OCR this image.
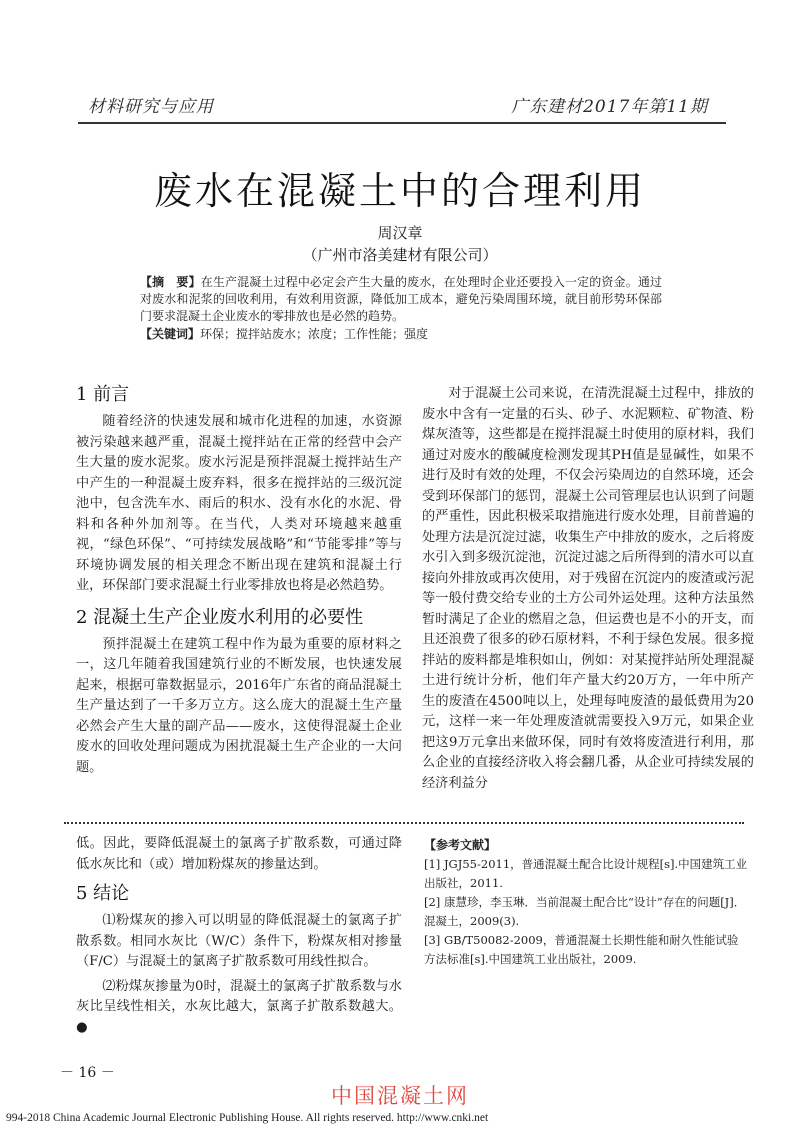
材料研究与应用	广东建材2017年第11期
废水在混凝土中的合理利用
周汉章
（广州市洛美建材有限公司）
【摘　要】在生产混凝土过程中必定会产生大量的废水，在处理时企业还要投入一定的资金。通过对废水和泥浆的回收利用，有效利用资源，降低加工成本，避免污染周围环境，就目前形势环保部门要求混凝土企业废水的零排放也是必然的趋势。
【关键词】环保；搅拌站废水；浓度；工作性能；强度
1 前言

随着经济的快速发展和城市化进程的加速，水资源被污染越来越严重，混凝土搅拌站在正常的经营中会产生大量的废水泥浆。废水污泥是预拌混凝土搅拌站生产中产生的一种混凝土废弃料，很多在搅拌站的三级沉淀池中，包含洗车水、雨后的积水、没有水化的水泥、骨料和各种外加剂等。在当代，人类对环境越来越重视，“绿色环保”、“可持续发展战略”和“节能零排”等与环境协调发展的相关理念不断出现在建筑和混凝土行业，环保部门要求混凝土行业零排放也将是必然趋势。

2 混凝土生产企业废水利用的必要性

预拌混凝土在建筑工程中作为最为重要的原材料之一，这几年随着我国建筑行业的不断发展，也快速发展起来，根据可靠数据显示，2016年广东省的商品混凝土生产量达到了一千多万立方。这么庞大的混凝土生产量必然会产生大量的副产品——废水，这使得混凝土企业废水的回收处理问题成为困扰混凝土生产企业的一大问题。

对于混凝土公司来说，在清洗混凝土过程中，排放的废水中含有一定量的石头、砂子、水泥颗粒、矿物渣、粉煤灰渣等，这些都是在搅拌混凝土时使用的原材料，我们通过对废水的酸碱度检测发现其PH值是显碱性，如果不进行及时有效的处理，不仅会污染周边的自然环境，还会受到环保部门的惩罚，混凝土公司管理层也认识到了问题的严重性，因此积极采取措施进行废水处理，目前普遍的处理方法是沉淀过滤，收集生产中排放的废水，之后将废水引入到多级沉淀池，沉淀过滤之后所得到的清水可以直接向外排放或再次使用，对于残留在沉淀内的废渣或污泥等一般付费交给专业的土方公司外运处理。这种方法虽然暂时满足了企业的燃眉之急，但运费也是不小的开支，而且还浪费了很多的砂石原材料，不利于绿色发展。很多搅拌站的废料都是堆积如山，例如：对某搅拌站所处理混凝土进行统计分析，他们年产量大约20万方，一年中所产生的废渣在4500吨以上，处理每吨废渣的最低费用为20元，这样一来一年处理废渣就需要投入9万元，如果企业把这9万元拿出来做环保，同时有效将废渣进行利用，那么企业的直接经济收入将会翻几番，从企业可持续发展的经济利益分

低。因此，要降低混凝土的氯离子扩散系数，可通过降低水灰比和（或）增加粉煤灰的掺量达到。
5 结论

⑴粉煤灰的掺入可以明显的降低混凝土的氯离子扩散系数。相同水灰比（W/C）条件下，粉煤灰相对掺量（F/C）与混凝土的氯离子扩散系数可用线性拟合。

⑵粉煤灰掺量为0时，混凝土的氯离子扩散系数与水灰比呈线性相关，水灰比越大，氯离子扩散系数越大。●

【参考文献】
[1] JGJ55-2011，普通混凝土配合比设计规程[s].中国建筑工业出版社，2011.
[2] 康慧珍，李玉琳．当前混凝土配合比“设计”存在的问题[J]．混凝土，2009(3).
[3] GB/T50082-2009，普通混凝土长期性能和耐久性能试验方法标准[s].中国建筑工业出版社，2009.
－ 16 －
中国混凝土网
994-2018 China Academic Journal Electronic Publishing House. All rights reserved. http://www.cnki.net
